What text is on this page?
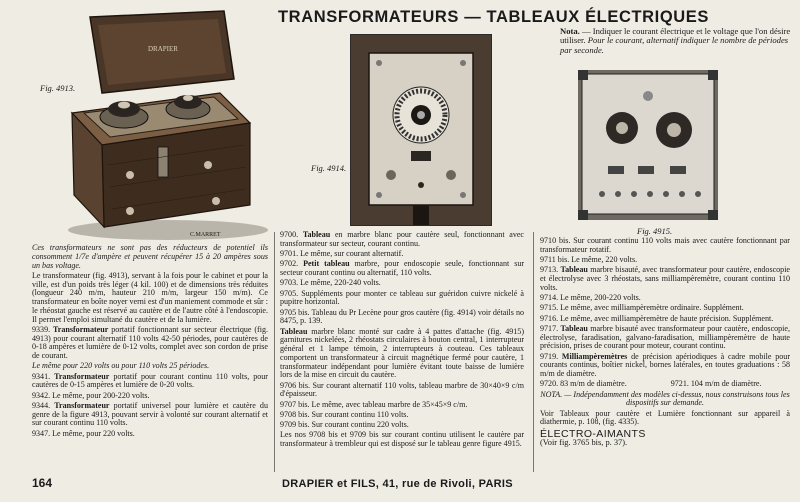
TRANSFORMATEURS — TABLEAUX ÉLECTRIQUES
Nota. — Indiquer le courant électrique et le voltage que l'on désire utiliser. Pour le courant, alternatif indiquer le nombre de périodes par seconde.
Fig. 4913.
DRAPIER
C.MARRET
Fig. 4914.
Fig. 4915.

Ces transformateurs ne sont pas des réducteurs de potentiel ils consomment 1/7e d'ampère et peuvent récupérer 15 à 20 ampères sous un bas voltage.

Le transformateur (fig. 4913), servant à la fois pour le cabinet et pour la ville, est d'un poids très léger (4 kil. 100) et de dimensions très réduites (longueur 240 m/m, hauteur 210 m/m, largeur 150 m/m). Ce transformateur en boîte noyer verni est d'un maniement commode et sûr : le rhéostat gauche est réservé au cautère et de l'autre côté à l'endoscopie. Il permet l'emploi simultané du cautère et de la lumière.

9339. Transformateur portatif fonctionnant sur secteur électrique (fig. 4913) pour courant alternatif 110 volts 42-50 périodes, pour cautères de 0-18 ampères et lumière de 0-12 volts, complet avec son cordon de prise de courant.

Le même pour 220 volts ou pour 110 volts 25 périodes.

9341. Transformateur portatif pour courant continu 110 volts, pour cautères de 0-15 ampères et lumière de 0-20 volts.

9342. Le même, pour 200-220 volts.

9344. Transformateur portatif universel pour lumière et cautère du genre de la figure 4913, pouvant servir à volonté sur courant alternatif et sur courant continu 110 volts.

9347. Le même, pour 220 volts.

9700. Tableau en marbre blanc pour cautère seul, fonctionnant avec transformateur sur secteur, courant continu.

9701. Le même, sur courant alternatif.

9702. Petit tableau marbre, pour endoscopie seule, fonctionnant sur secteur courant continu ou alternatif, 110 volts.

9703. Le même, 220-240 volts.

9705. Suppléments pour monter ce tableau sur guéridon cuivre nickelé à pupitre horizontal.

9705 bis. Tableau du Pr Lecène pour gros cautère (fig. 4914) voir détails no 8475, p. 139.

Tableau marbre blanc monté sur cadre à 4 pattes d'attache (fig. 4915) garnitures nickelées, 2 rhéostats circulaires à bouton central, 1 interrupteur général et 1 lampe témoin, 2 interrupteurs à couteau. Ces tableaux comportent un transformateur à circuit magnétique fermé pour cautère, 1 transformateur indépendant pour lumière évitant toute baisse de lumière lors de la mise en circuit du cautère.

9706 bis. Sur courant alternatif 110 volts, tableau marbre de 30×40×9 c/m d'épaisseur.

9707 bis. Le même, avec tableau marbre de 35×45×9 c/m.

9708 bis. Sur courant continu 110 volts.

9709 bis. Sur courant continu 220 volts.

Les nos 9708 bis et 9709 bis sur courant continu utilisent le cautère par transformateur à trembleur qui est disposé sur le tableau genre figure 4915.

9710 bis. Sur courant continu 110 volts mais avec cautère fonctionnant par transformateur rotatif.

9711 bis. Le même, 220 volts.

9713. Tableau marbre bisauté, avec transformateur pour cautère, endoscopie et électrolyse avec 3 rhéostats, sans milliampèremètre, courant continu 110 volts.

9714. Le même, 200-220 volts.

9715. Le même, avec milliampèremètre ordinaire. Supplément.

9716. Le même, avec milliampèremètre de haute précision. Supplément.

9717. Tableau marbre bisauté avec transformateur pour cautère, endoscopie, électrolyse, faradisation, galvano-faradisation, milliampèremètre de haute précision, prises de courant pour moteur, courant continu.

9719. Milliampèremètres de précision apériodiques à cadre mobile pour courants continus, boîtier nickel, bornes latérales, en toutes graduations : 58 m/m de diamètre.

9720. 83 m/m de diamètre.	9721. 104 m/m de diamètre.

NOTA. — Indépendamment des modèles ci-dessus, nous construisons tous les dispositifs sur demande.

Voir Tableaux pour cautère et Lumière fonctionnant sur appareil à diathermie, p. 108, (fig. 4335).

ÉLECTRO-AIMANTS
(Voir fig. 3765 bis, p. 37).
164	DRAPIER et FILS, 41, rue de Rivoli, PARIS
